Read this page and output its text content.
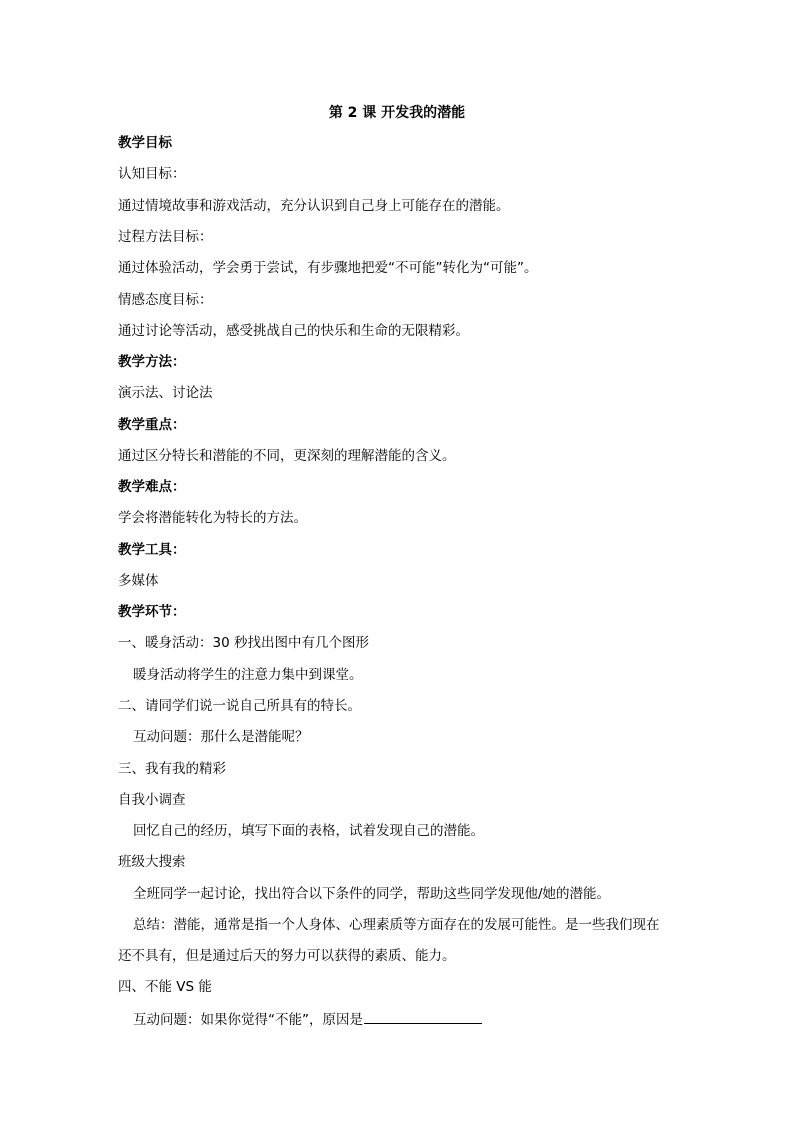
第 2 课 开发我的潜能
教学目标
认知目标：
通过情境故事和游戏活动，充分认识到自己身上可能存在的潜能。
过程方法目标：
通过体验活动，学会勇于尝试，有步骤地把爱“不可能”转化为“可能”。
情感态度目标：
通过讨论等活动，感受挑战自己的快乐和生命的无限精彩。
教学方法：
演示法、讨论法
教学重点：
通过区分特长和潜能的不同，更深刻的理解潜能的含义。
教学难点：
学会将潜能转化为特长的方法。
教学工具：
多媒体
教学环节：
一、暖身活动：30 秒找出图中有几个图形
暖身活动将学生的注意力集中到课堂。
二、请同学们说一说自己所具有的特长。
互动问题：那什么是潜能呢？
三、我有我的精彩
自我小调查
回忆自己的经历，填写下面的表格，试着发现自己的潜能。
班级大搜索
全班同学一起讨论，找出符合以下条件的同学，帮助这些同学发现他/她的潜能。
总结：潜能，通常是指一个人身体、心理素质等方面存在的发展可能性。是一些我们现在
还不具有，但是通过后天的努力可以获得的素质、能力。
四、不能 VS 能
互动问题：如果你觉得“不能”，原因是
